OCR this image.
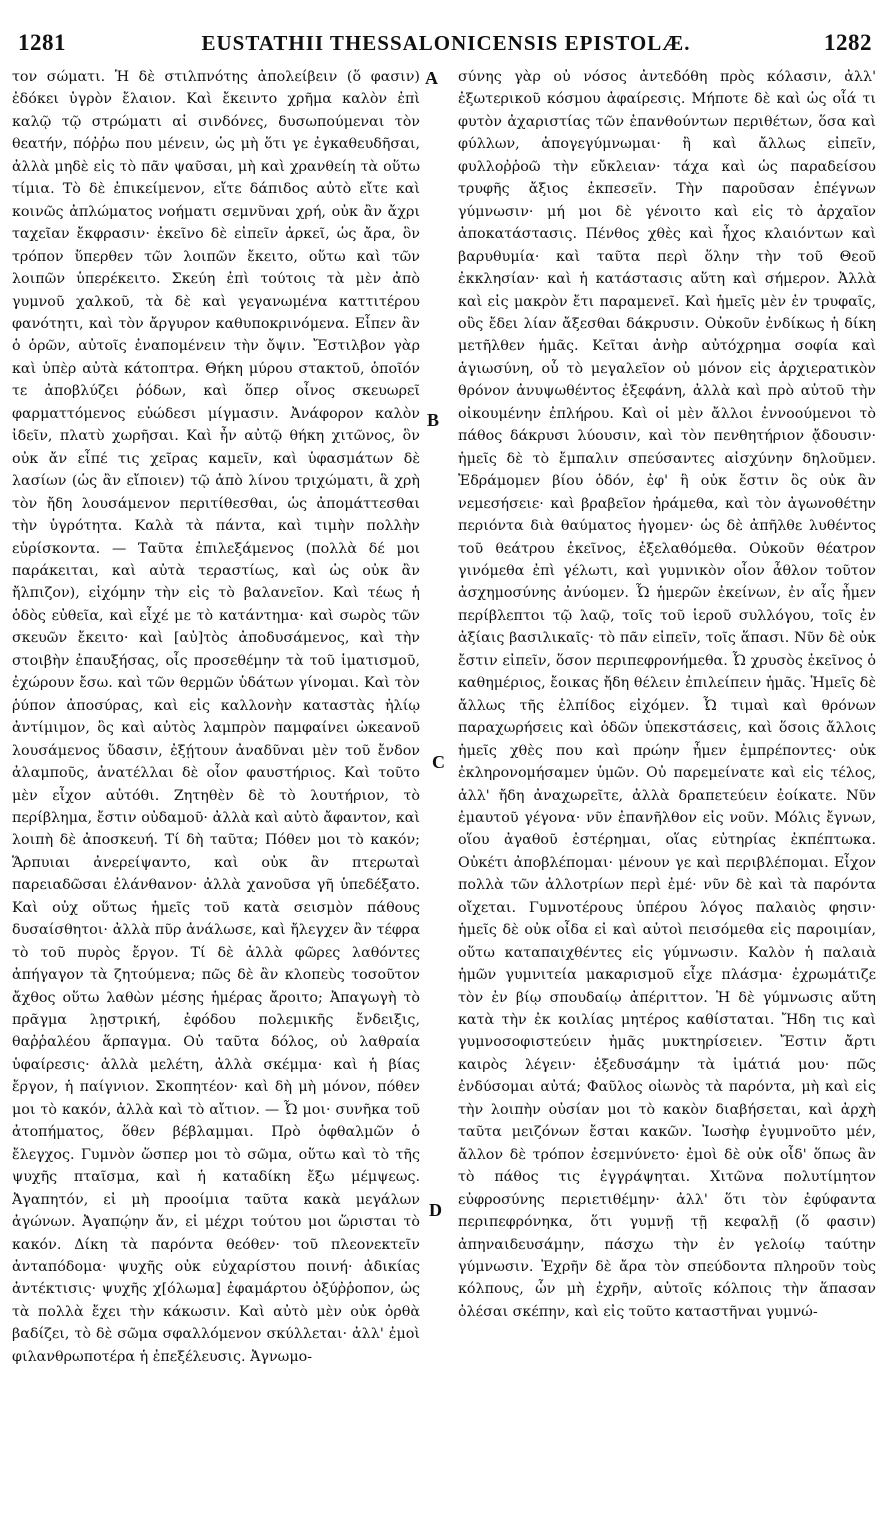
1281	EUSTATHII THESSALONICENSIS EPISTOLÆ.	1282

τον σώματι. Ἡ δὲ στιλπνότης ἀπολείβειν (ὅ φασιν) ἐδόκει ὑγρὸν ἔλαιον. Καὶ ἔκειντο χρῆμα καλὸν ἐπὶ καλῷ τῷ στρώματι αἱ σινδόνες, δυσωπούμεναι τὸν θεατήν, πόῤῥω που μένειν, ὡς μὴ ὅτι γε ἐγκαθευδῆσαι, ἀλλὰ μηδὲ εἰς τὸ πᾶν ψαῦσαι, μὴ καὶ χρανθείη τὰ οὕτω τίμια. Τὸ δὲ ἐπικείμενον, εἴτε δάπιδος αὐτὸ εἴτε καὶ κοινῶς ἀπλώματος νοήματι σεμνῦναι χρή, οὐκ ἂν ἄχρι ταχεῖαν ἔκφρασιν· ἐκεῖνο δὲ εἰπεῖν ἀρκεῖ, ὡς ἄρα, ὃν τρόπον ὕπερθεν τῶν λοιπῶν ἔκειτο, οὕτω καὶ τῶν λοιπῶν ὑπερέκειτο. Σκεύη ἐπὶ τούτοις τὰ μὲν ἀπὸ γυμνοῦ χαλκοῦ, τὰ δὲ καὶ γεγανωμένα καττιτέρου φανότητι, καὶ τὸν ἄργυρον καθυποκρινόμενα. Εἶπεν ἂν ὁ ὁρῶν, αὐτοῖς ἐναπομένειν τὴν ὄψιν. Ἔστιλβον γὰρ καὶ ὑπὲρ αὐτὰ κάτοπτρα. Θήκη μύρου στακτοῦ, ὁποῖόν τε ἀποβλύζει ῥόδων, καὶ ὅπερ οἶνος σκευωρεῖ φαρματτόμενος εὐώδεσι μίγμασιν. Ἀνάφορον καλὸν ἰδεῖν, πλατὺ χωρῆσαι. Καὶ ἦν αὐτῷ θήκη χιτῶνος, ὃν οὐκ ἄν εἶπέ τις χεῖρας καμεῖν, καὶ ὑφασμάτων δὲ λασίων (ὡς ἂν εἴποιεν) τῷ ἀπὸ λίνου τριχώματι, ἃ χρὴ τὸν ἤδη λουσάμενον περιτίθεσθαι, ὡς ἀπομάττεσθαι τὴν ὑγρότητα. Καλὰ τὰ πάντα, καὶ τιμὴν πολλὴν εὑρίσκοντα. — Ταῦτα ἐπιλεξάμενος (πολλὰ δέ μοι παράκειται, καὶ αὐτὰ τεραστίως, καὶ ὡς οὐκ ἂν ἤλπιζον), εἰχόμην τὴν εἰς τὸ βαλανεῖον. Καὶ τέως ἡ ὁδὸς εὐθεῖα, καὶ εἶχέ με τὸ κατάντημα· καὶ σωρὸς τῶν σκευῶν ἔκειτο· καὶ [αὐ]τὸς ἀποδυσάμενος, καὶ τὴν στοιβὴν ἐπαυξήσας, οἷς προσεθέμην τὰ τοῦ ἱματισμοῦ, ἐχώρουν ἔσω. καὶ τῶν θερμῶν ὑδάτων γίνομαι. Καὶ τὸν ῥύπον ἀποσύρας, καὶ εἰς καλλονὴν καταστὰς ἡλίῳ ἀντίμιμον, ὃς καὶ αὐτὸς λαμπρὸν παμφαίνει ὠκεανοῦ λουσάμενος ὕδασιν, ἐξῄτουν ἀναδῦναι μὲν τοῦ ἔνδον ἀλαμποῦς, ἀνατέλλαι δὲ οἷον φαυστήριος. Καὶ τοῦτο μὲν εἶχον αὐτόθι. Ζητηθὲν δὲ τὸ λουτήριον, τὸ περίβλημα, ἔστιν οὐδαμοῦ· ἀλλὰ καὶ αὐτὸ ἄφαντον, καὶ λοιπὴ δὲ ἀποσκευή. Τί δὴ ταῦτα; Πόθεν μοι τὸ κακόν; Ἅρπυιαι ἀνερείψαντο, καὶ οὐκ ἂν πτερωταὶ παρειαδῶσαι ἐλάνθανον· ἀλλὰ χανοῦσα γῆ ὑπεδέξατο. Καὶ οὐχ οὕτως ἡμεῖς τοῦ κατὰ σεισμὸν πάθους δυσαίσθητοι· ἀλλὰ πῦρ ἀνάλωσε, καὶ ἤλεγχεν ἂν τέφρα τὸ τοῦ πυρὸς ἔργον. Τί δὲ ἀλλὰ φῶρες λαθόντες ἀπήγαγον τὰ ζητούμενα; πῶς δὲ ἂν κλοπεὺς τοσοῦτον ἄχθος οὕτω λαθὼν μέσης ἡμέρας ἄροιτο; Ἀπαγωγὴ τὸ πρᾶγμα λῃστρική, ἐφόδου πολεμικῆς ἔνδειξις, θαῤῥαλέου ἅρπαγμα. Οὐ ταῦτα δόλος, οὐ λαθραία ὑφαίρεσις· ἀλλὰ μελέτη, ἀλλὰ σκέμμα· καὶ ἡ βίας ἔργον, ἡ παίγνιον. Σκοπητέον· καὶ δὴ μὴ μόνον, πόθεν μοι τὸ κακόν, ἀλλὰ καὶ τὸ αἴτιον. — Ὦ μοι· συνῆκα τοῦ ἀτοπήματος, ὅθεν βέβλαμμαι. Πρὸ ὀφθαλμῶν ὁ ἔλεγχος. Γυμνὸν ὥσπερ μοι τὸ σῶμα, οὕτω καὶ τὸ τῆς ψυχῆς πταῖσμα, καὶ ἡ καταδίκη ἔξω μέμψεως. Ἀγαπητόν, εἰ μὴ προοίμια ταῦτα κακὰ μεγάλων ἀγώνων. Ἀγαπῴην ἄν, εἰ μέχρι τούτου μοι ὥρισται τὸ κακόν. Δίκη τὰ παρόντα θεόθεν· τοῦ πλεονεκτεῖν ἀνταπόδομα· ψυχῆς οὐκ εὐχαρίστου ποινή· ἀδικίας ἀντέκτισις· ψυχῆς χ[όλωμα] ἐφαμάρτου ὀξύῤῥοπον, ὡς τὰ πολλὰ ἔχει τὴν κάκωσιν. Καὶ αὐτὸ μὲν οὐκ ὀρθὰ βαδίζει, τὸ δὲ σῶμα σφαλλόμενον σκύλλεται· ἀλλ' ἐμοὶ φιλανθρωποτέρα ἡ ἐπεξέλευσις. Ἀγνωμο-

σύνης γὰρ οὐ νόσος ἀντεδόθη πρὸς κόλασιν, ἀλλ' ἐξωτερικοῦ κόσμου ἀφαίρεσις. Μήποτε δὲ καὶ ὡς οἷά τι φυτὸν ἀχαριστίας τῶν ἐπανθούντων περιθέτων, ὅσα καὶ φύλλων, ἀπογεγύμνωμαι· ἢ καὶ ἄλλως εἰπεῖν, φυλλοῤῥοῶ τὴν εὔκλειαν· τάχα καὶ ὡς παραδείσου τρυφῆς ἄξιος ἐκπεσεῖν. Τὴν παροῦσαν ἐπέγνων γύμνωσιν· μή μοι δὲ γένοιτο καὶ εἰς τὸ ἀρχαῖον ἀποκατάστασις. Πένθος χθὲς καὶ ἦχος κλαιόντων καὶ βαρυθυμία· καὶ ταῦτα περὶ ὅλην τὴν τοῦ Θεοῦ ἐκκλησίαν· καὶ ἡ κατάστασις αὕτη καὶ σήμερον. Ἀλλὰ καὶ εἰς μακρὸν ἔτι παραμενεῖ. Καὶ ἡμεῖς μὲν ἐν τρυφαῖς, οὓς ἔδει λίαν ἄξεσθαι δάκρυσιν. Οὐκοῦν ἐνδίκως ἡ δίκη μετῆλθεν ἡμᾶς. Κεῖται ἀνὴρ αὐτόχρημα σοφία καὶ ἁγιωσύνη, οὗ τὸ μεγαλεῖον οὐ μόνον εἰς ἀρχιερατικὸν θρόνον ἀνυψωθέντος ἐξεφάνη, ἀλλὰ καὶ πρὸ αὐτοῦ τὴν οἰκουμένην ἐπλήρου. Καὶ οἱ μὲν ἄλλοι ἐννοούμενοι τὸ πάθος δάκρυσι λύουσιν, καὶ τὸν πενθητήριον ᾄδουσιν· ἡμεῖς δὲ τὸ ἔμπαλιν σπεύσαντες αἰσχύνην δηλοῦμεν. Ἐδράμομεν βίου ὁδόν, ἐφ' ἣ οὐκ ἔστιν ὃς οὐκ ἂν νεμεσήσειε· καὶ βραβεῖον ἠράμεθα, καὶ τὸν ἀγωνοθέτην περιόντα διὰ θαύματος ἡγομεν· ὡς δὲ ἀπῆλθε λυθέντος τοῦ θεάτρου ἐκεῖνος, ἐξελαθόμεθα. Οὐκοῦν θέατρον γινόμεθα ἐπὶ γέλωτι, καὶ γυμνικὸν οἷον ἆθλον τοῦτον ἀσχημοσύνης ἀνύομεν. Ὦ ἡμερῶν ἐκείνων, ἐν αἷς ἦμεν περίβλεπτοι τῷ λαῷ, τοῖς τοῦ ἱεροῦ συλλόγου, τοῖς ἐν ἀξίαις βασιλικαῖς· τὸ πᾶν εἰπεῖν, τοῖς ἅπασι. Νῦν δὲ οὐκ ἔστιν εἰπεῖν, ὅσον περιπεφρονήμεθα. Ὦ χρυσὸς ἐκεῖνος ὁ καθημέριος, ἔοικας ἤδη θέλειν ἐπιλείπειν ἡμᾶς. Ἡμεῖς δὲ ἄλλως τῆς ἐλπίδος εἰχόμεν. Ὦ τιμαὶ καὶ θρόνων παραχωρήσεις καὶ ὁδῶν ὑπεκστάσεις, καὶ ὅσοις ἄλλοις ἡμεῖς χθὲς που καὶ πρώην ἦμεν ἐμπρέποντες· οὐκ ἐκληρονομήσαμεν ὑμῶν. Οὐ παρεμείνατε καὶ εἰς τέλος, ἀλλ' ἤδη ἀναχωρεῖτε, ἀλλὰ δραπετεύειν ἐοίκατε. Νῦν ἐμαυτοῦ γέγονα· νῦν ἐπανῆλθον εἰς νοῦν. Μόλις ἔγνων, οἵου ἀγαθοῦ ἐστέρημαι, οἵας εὐτηρίας ἐκπέπτωκα. Οὐκέτι ἀποβλέπομαι· μένουν γε καὶ περιβλέπομαι. Εἶχον πολλὰ τῶν ἀλλοτρίων περὶ ἐμέ· νῦν δὲ καὶ τὰ παρόντα οἴχεται. Γυμνοτέρους ὑπέρου λόγος παλαιὸς φησιν· ἡμεῖς δὲ οὐκ οἶδα εἰ καὶ αὐτοὶ πεισόμεθα εἰς παροιμίαν, οὕτω καταπαιχθέντες εἰς γύμνωσιν. Καλὸν ἡ παλαιὰ ἡμῶν γυμνιτεία μακαρισμοῦ εἶχε πλάσμα· ἐχρωμάτιζε τὸν ἐν βίῳ σπουδαίῳ ἀπέριττον. Ἡ δὲ γύμνωσις αὕτη κατὰ τὴν ἐκ κοιλίας μητέρος καθίσταται. Ἤδη τις καὶ γυμνοσοφιστεύειν ἡμᾶς μυκτηρίσειεν. Ἔστιν ἄρτι καιρὸς λέγειν· ἐξεδυσάμην τὰ ἱμάτιά μου· πῶς ἐνδύσομαι αὐτά; Φαῦλος οἰωνὸς τὰ παρόντα, μὴ καὶ εἰς τὴν λοιπὴν οὐσίαν μοι τὸ κακὸν διαβήσεται, καὶ ἀρχὴ ταῦτα μειζόνων ἔσται κακῶν. Ἰωσὴφ ἐγυμνοῦτο μέν, ἄλλον δὲ τρόπον ἐσεμνύνετο· ἐμοὶ δὲ οὐκ οἶδ' ὅπως ἂν τὸ πάθος τις ἐγγράψηται. Χιτῶνα πολυτίμητον εὐφροσύνης περιετιθέμην· ἀλλ' ὅτι τὸν ἐφύφαντα περιπεφρόνηκα, ὅτι γυμνῇ τῇ κεφαλῇ (ὅ φασιν) ἀπηναιδευσάμην, πάσχω τὴν ἐν γελοίῳ ταύτην γύμνωσιν. Ἐχρῆν δὲ ἄρα τὸν σπεύδοντα πληροῦν τοὺς κόλπους, ὧν μὴ ἐχρῆν, αὐτοῖς κόλποις τὴν ἅπασαν ὀλέσαι σκέπην, καὶ εἰς τοῦτο καταστῆναι γυμνώ-

A
B
C
D
